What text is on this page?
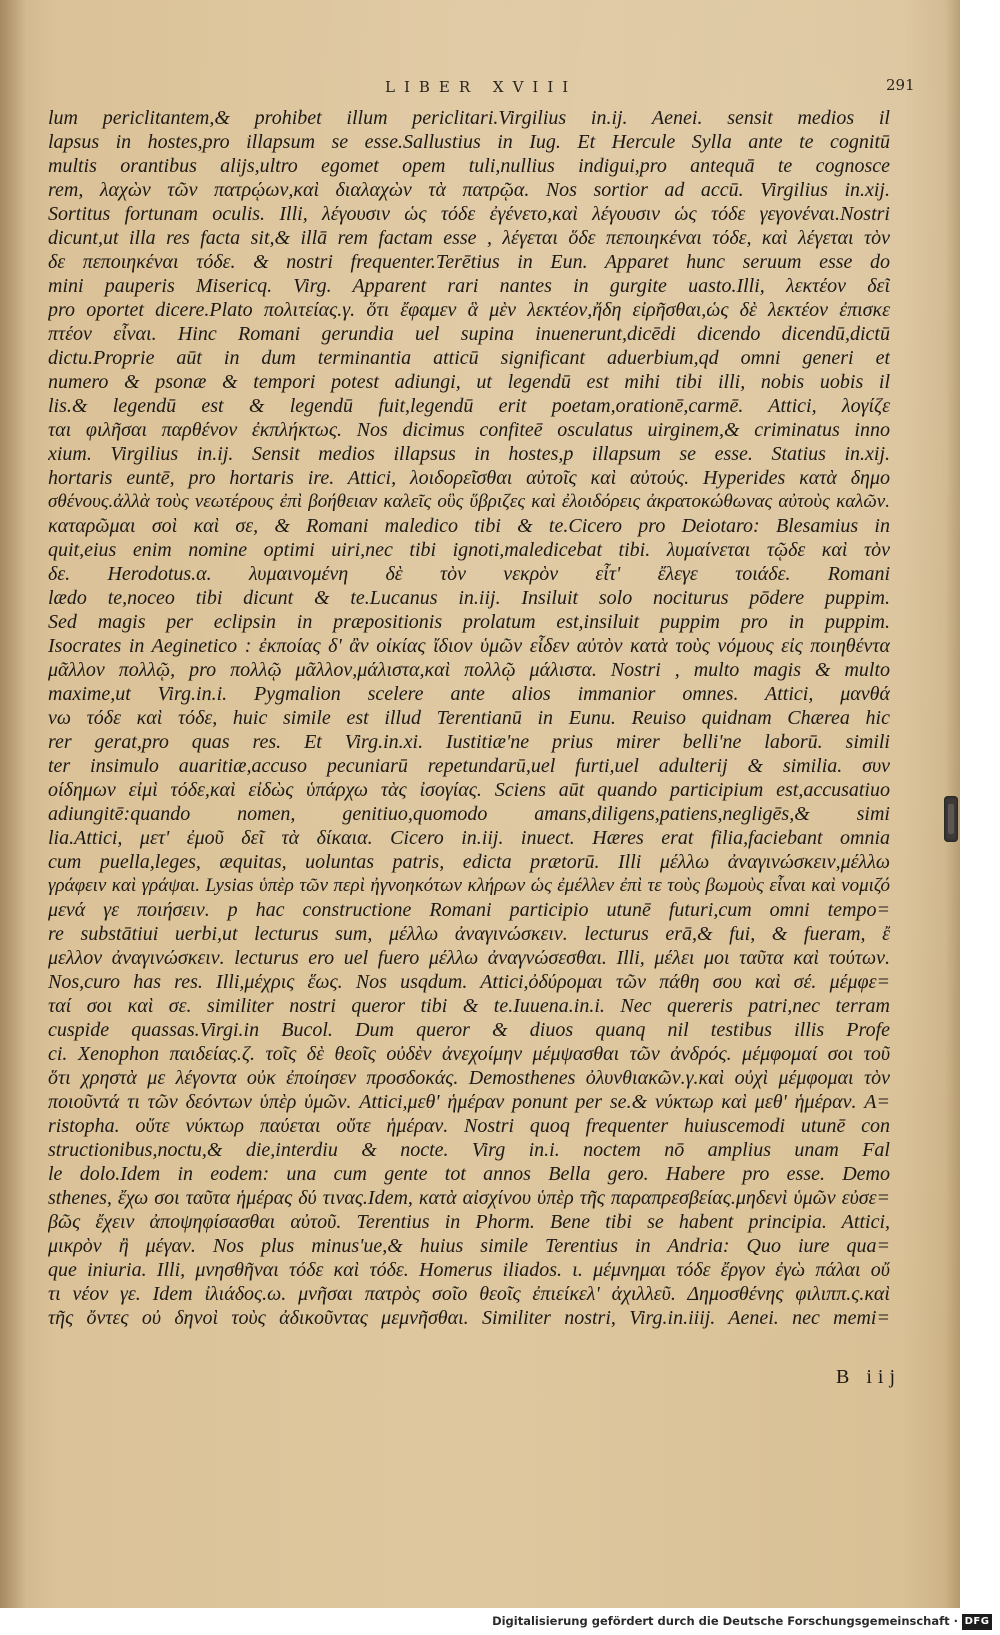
LIBER XVIII	291
lum periclitantem,& prohibet illum periclitari.Virgilius in.ij. Aenei. sensit medios il
lapsus in hostes,pro illapsum se esse.Sallustius in Iug. Et Hercule Sylla ante te cognitū
multis orantibus alijs,ultro egomet opem tuli,nullius indigui,pro antequā te cognosce
rem, λαχὼν τῶν πατρῴων,καὶ διαλαχὼν τὰ πατρῷα. Nos sortior ad accū. Virgilius in.xij.
Sortitus fortunam oculis. Illi, λέγουσιν ὡς τόδε ἐγένετο,καὶ λέγουσιν ὡς τόδε γεγονέναι.Nostri
dicunt,ut illa res facta sit,& illā rem factam esse , λέγεται ὅδε πεποιηκέναι τόδε, καὶ λέγεται τὸν
δε πεποιηκέναι τόδε. & nostri frequenter.Terētius in Eun. Apparet hunc seruum esse do
mini pauperis Misericq. Virg. Apparent rari nantes in gurgite uasto.Illi, λεκτέον δεῖ
pro oportet dicere.Plato πολιτείας.γ. ὅτι ἔφαμεν ἃ μὲν λεκτέον,ἤδη εἰρῆσθαι,ὡς δὲ λεκτέον ἐπισκε
πτέον εἶναι. Hinc Romani gerundia uel supina inuenerunt,dicēdi dicendo dicendū,dictū
dictu.Proprie aūt in dum terminantia atticū significant aduerbium,qd omni generi et
numero & psonæ & tempori potest adiungi, ut legendū est mihi tibi illi, nobis uobis il
lis.& legendū est & legendū fuit,legendū erit poetam,orationē,carmē. Attici, λογίζε
ται φιλῆσαι παρθένον ἐκπλήκτως. Nos dicimus confiteē osculatus uirginem,& criminatus inno
xium. Virgilius in.ij. Sensit medios illapsus in hostes,p illapsum se esse. Statius in.xij.
hortaris euntē, pro hortaris ire. Attici, λοιδορεῖσθαι αὐτοῖς καὶ αὐτούς. Hyperides κατὰ δημο
σθένους.ἀλλὰ τοὺς νεωτέρους ἐπὶ βοήθειαν καλεῖς οὓς ὕβριζες καὶ ἐλοιδόρεις ἀκρατοκώθωνας αὐτοὺς καλῶν.
καταρῶμαι σοὶ καὶ σε, & Romani maledico tibi & te.Cicero pro Deiotaro: Blesamius in
quit,eius enim nomine optimi uiri,nec tibi ignoti,maledicebat tibi. λυμαίνεται τῷδε καὶ τὸν
δε. Herodotus.α. λυμαινομένη δὲ τὸν νεκρὸν εἶτ' ἔλεγε τοιάδε. Romani
lædo te,noceo tibi dicunt & te.Lucanus in.iij. Insiluit solo nociturus pōdere puppim.
Sed magis per eclipsin in præpositionis prolatum est,insiluit puppim pro in puppim.
Isocrates in Aeginetico : ἐκποίας δ' ἂν οἰκίας ἴδιον ὑμῶν εἶδεν αὐτὸν κατὰ τοὺς νόμους εἰς ποιηθέντα
μᾶλλον πολλῷ, pro πολλῷ μᾶλλον,μάλιστα,καὶ πολλῷ μάλιστα. Nostri , multo magis & multo
maxime,ut Virg.in.i. Pygmalion scelere ante alios immanior omnes. Attici, μανθά
νω τόδε καὶ τόδε, huic simile est illud Terentianū in Eunu. Reuiso quidnam Chærea hic
rer gerat,pro quas res. Et Virg.in.xi. Iustitiæ'ne prius mirer belli'ne laborū. simili
ter insimulo auaritiæ,accuso pecuniarū repetundarū,uel furti,uel adulterij & similia. συν
οίδημων εἰμὶ τόδε,καὶ εἰδὼς ὑπάρχω τὰς ἰσογίας. Sciens aūt quando participium est,accusatiuo
adiungitē:quando nomen, genitiuo,quomodo amans,diligens,patiens,negligēs,& simi
lia.Attici, μετ' ἐμοῦ δεῖ τὰ δίκαια. Cicero in.iij. inuect. Hæres erat filia,faciebant omnia
cum puella,leges, æquitas, uoluntas patris, edicta prætorū. Illi μέλλω ἀναγινώσκειν,μέλλω
γράφειν καὶ γράψαι. Lysias ὑπὲρ τῶν περὶ ἠγνοηκότων κλήρων ὡς ἐμέλλεν ἐπὶ τε τοὺς βωμοὺς εἶναι καὶ νομιζό
μενά γε ποιήσειν. p hac constructione Romani participio utunē futuri,cum omni tempo=
re substātiui uerbi,ut lecturus sum, μέλλω ἀναγινώσκειν. lecturus erā,& fui, & fueram, ἔ
μελλον ἀναγινώσκειν. lecturus ero uel fuero μέλλω ἀναγνώσεσθαι. Illi, μέλει μοι ταῦτα καὶ τούτων.
Nos,curo has res. Illi,μέχρις ἕως. Nos usqdum. Attici,ὀδύρομαι τῶν πάθη σου καὶ σέ. μέμφε=
ταί σοι καὶ σε. similiter nostri queror tibi & te.Iuuena.in.i. Nec quereris patri,nec terram
cuspide quassas.Virgi.in Bucol. Dum queror & diuos quanq nil testibus illis Profe
ci. Xenophon παιδείας.ζ. τοῖς δὲ θεοῖς οὐδὲν ἀνεχοίμην μέμψασθαι τῶν ἀνδρός. μέμφομαί σοι τοῦ
ὅτι χρηστὰ με λέγοντα οὐκ ἐποίησεν προσδοκάς. Demosthenes ὀλυνθιακῶν.γ.καὶ οὐχὶ μέμφομαι τὸν
ποιοῦντά τι τῶν δεόντων ὑπὲρ ὑμῶν. Attici,μεθ' ἡμέραν ponunt per se.& νύκτωρ καὶ μεθ' ἡμέραν. A=
ristopha. οὔτε νύκτωρ παύεται οὔτε ἡμέραν. Nostri quoq frequenter huiuscemodi utunē con
structionibus,noctu,& die,interdiu & nocte. Virg in.i. noctem nō amplius unam Fal
le dolo.Idem in eodem: una cum gente tot annos Bella gero. Habere pro esse. Demo
sthenes, ἔχω σοι ταῦτα ἡμέρας δύ τινας.Idem, κατὰ αἰσχίνου ὑπὲρ τῆς παραπρεσβείας.μηδενὶ ὑμῶν εὐσε=
βῶς ἔχειν ἀποψηφίσασθαι αὐτοῦ. Terentius in Phorm. Bene tibi se habent principia. Attici,
μικρὸν ἢ μέγαν. Nos plus minus'ue,& huius simile Terentius in Andria: Quo iure qua=
que iniuria. Illi, μνησθῆναι τόδε καὶ τόδε. Homerus iliados. ι. μέμνημαι τόδε ἔργον ἐγὼ πάλαι οὔ
τι νέον γε. Idem ἰλιάδος.ω. μνῆσαι πατρὸς σοῖο θεοῖς ἐπιείκελ' ἀχιλλεῦ. Δημοσθένης φιλιππ.ς.καὶ
τῆς ὄντες οὐ δηνοὶ τοὺς ἀδικοῦντας μεμνῆσθαι. Similiter nostri, Virg.in.iiij. Aenei. nec memi=
B iij
Digitalisierung gefördert durch die Deutsche Forschungsgemeinschaft · DFG
